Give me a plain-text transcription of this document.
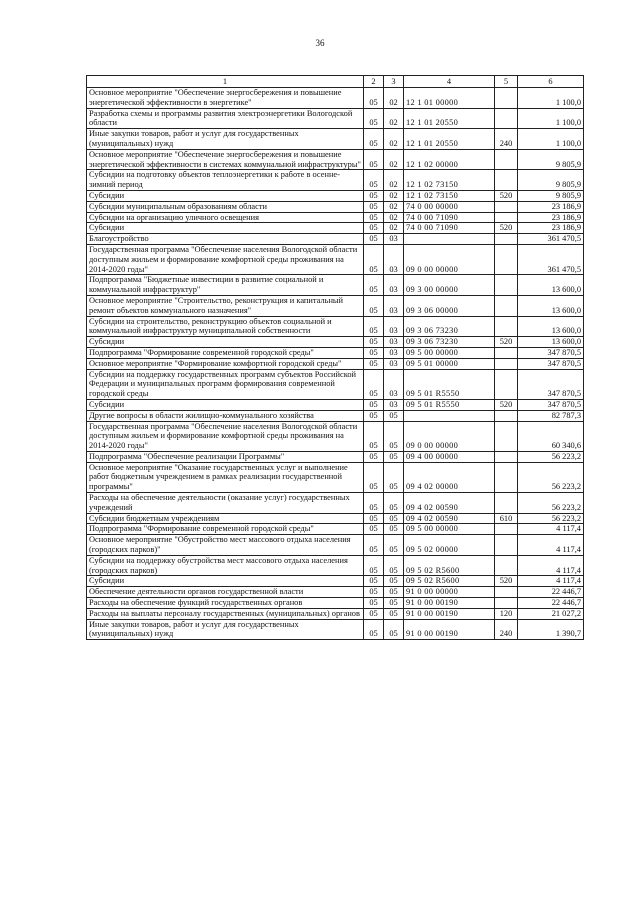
36
1	2	3	4	5	6
Основное мероприятие "Обеспечение энергосбережения и повышение энергетической эффективности в энергетике"	05	02	12 1 01 00000		1 100,0
Разработка схемы и программы развития электроэнергетики Вологодской области	05	02	12 1 01 20550		1 100,0
Иные закупки товаров, работ и услуг для государственных (муниципальных) нужд	05	02	12 1 01 20550	240	1 100,0
Основное мероприятие "Обеспечение энергосбережения и повышение энергетической эффективности в системах коммунальной инфраструктуры"	05	02	12 1 02 00000		9 805,9
Субсидии на подготовку объектов теплоэнергетики к работе в осенне-зимний период	05	02	12 1 02 73150		9 805,9
Субсидии	05	02	12 1 02 73150	520	9 805,9
Субсидии муниципальным образованиям области	05	02	74 0 00 00000		23 186,9
Субсидии на организацию уличного освещения	05	02	74 0 00 71090		23 186,9
Субсидии	05	02	74 0 00 71090	520	23 186,9
Благоустройство	05	03			361 470,5
Государственная программа "Обеспечение населения Вологодской области доступным жильем и формирование комфортной среды проживания на 2014-2020 годы"	05	03	09 0 00 00000		361 470,5
Подпрограмма "Бюджетные инвестиции в развитие социальной и коммунальной инфраструктур"	05	03	09 3 00 00000		13 600,0
Основное мероприятие "Строительство, реконструкция и капитальный ремонт объектов коммунального назначения"	05	03	09 3 06 00000		13 600,0
Субсидии на строительство, реконструкцию объектов социальной и коммунальной инфраструктур муниципальной собственности	05	03	09 3 06 73230		13 600,0
Субсидии	05	03	09 3 06 73230	520	13 600,0
Подпрограмма "Формирование современной городской среды"	05	03	09 5 00 00000		347 870,5
Основное мероприятие "Формирование комфортной городской среды"	05	03	09 5 01 00000		347 870,5
Субсидии на поддержку государственных программ субъектов Российской Федерации и муниципальных программ формирования современной городской среды	05	03	09 5 01 R5550		347 870,5
Субсидии	05	03	09 5 01 R5550	520	347 870,5
Другие вопросы в области жилищно-коммунального хозяйства	05	05			82 787,3
Государственная программа "Обеспечение населения Вологодской области доступным жильем и формирование комфортной среды проживания на 2014-2020 годы"	05	05	09 0 00 00000		60 340,6
Подпрограмма "Обеспечение реализации Программы"	05	05	09 4 00 00000		56 223,2
Основное мероприятие "Оказание государственных услуг и выполнение работ бюджетным учреждением в рамках реализации государственной программы"	05	05	09 4 02 00000		56 223,2
Расходы на обеспечение деятельности (оказание услуг) государственных учреждений	05	05	09 4 02 00590		56 223,2
Субсидии бюджетным учреждениям	05	05	09 4 02 00590	610	56 223,2
Подпрограмма "Формирование современной городской среды"	05	05	09 5 00 00000		4 117,4
Основное мероприятие "Обустройство мест массового отдыха населения (городских парков)"	05	05	09 5 02 00000		4 117,4
Субсидии на поддержку обустройства мест массового отдыха населения (городских парков)	05	05	09 5 02 R5600		4 117,4
Субсидии	05	05	09 5 02 R5600	520	4 117,4
Обеспечение деятельности органов государственной власти	05	05	91 0 00 00000		22 446,7
Расходы на обеспечение функций государственных органов	05	05	91 0 00 00190		22 446,7
Расходы на выплаты персоналу государственных (муниципальных) органов	05	05	91 0 00 00190	120	21 027,2
Иные закупки товаров, работ и услуг для государственных (муниципальных) нужд	05	05	91 0 00 00190	240	1 390,7
